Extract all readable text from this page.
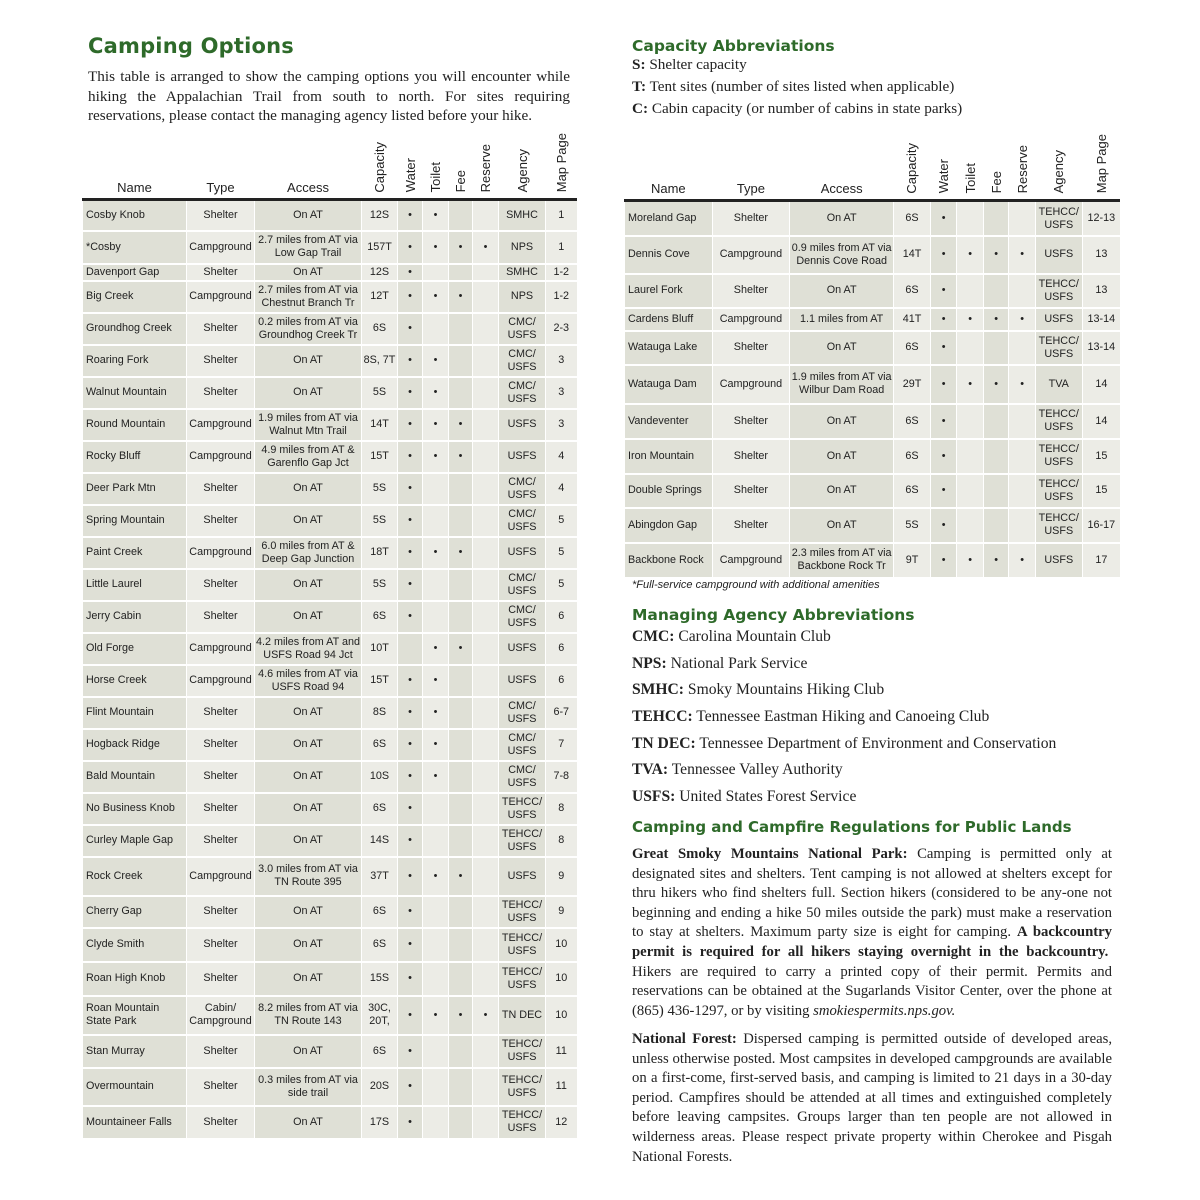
Camping Options

This table is arranged to show the camping options you will encounter while hiking the Appalachian Trail from south to north. For sites requiring reservations, please contact the managing agency listed before your hike.

Name	Type	Access	Capacity	Water	Toilet	Fee	Reserve	Agency	Map Page
Cosby Knob	Shelter	On AT	12S	•	•			SMHC	1
*Cosby	Campground	2.7 miles from AT via Low Gap Trail	157T	•	•	•	•	NPS	1
Davenport Gap	Shelter	On AT	12S	•				SMHC	1-2
Big Creek	Campground	2.7 miles from AT via Chestnut Branch Tr	12T	•	•	•		NPS	1-2
Groundhog Creek	Shelter	0.2 miles from AT via Groundhog Creek Tr	6S	•				CMC/ USFS	2-3
Roaring Fork	Shelter	On AT	8S, 7T	•	•			CMC/ USFS	3
Walnut Mountain	Shelter	On AT	5S	•	•			CMC/ USFS	3
Round Mountain	Campground	1.9 miles from AT via Walnut Mtn Trail	14T	•	•	•		USFS	3
Rocky Bluff	Campground	4.9 miles from AT & Garenflo Gap Jct	15T	•	•	•		USFS	4
Deer Park Mtn	Shelter	On AT	5S	•				CMC/ USFS	4
Spring Mountain	Shelter	On AT	5S	•				CMC/ USFS	5
Paint Creek	Campground	6.0 miles from AT & Deep Gap Junction	18T	•	•	•		USFS	5
Little Laurel	Shelter	On AT	5S	•				CMC/ USFS	5
Jerry Cabin	Shelter	On AT	6S	•				CMC/ USFS	6
Old Forge	Campground	4.2 miles from AT and USFS Road 94 Jct	10T		•	•		USFS	6
Horse Creek	Campground	4.6 miles from AT via USFS Road 94	15T	•	•			USFS	6
Flint Mountain	Shelter	On AT	8S	•	•			CMC/ USFS	6-7
Hogback Ridge	Shelter	On AT	6S	•	•			CMC/ USFS	7
Bald Mountain	Shelter	On AT	10S	•	•			CMC/ USFS	7-8
No Business Knob	Shelter	On AT	6S	•				TEHCC/ USFS	8
Curley Maple Gap	Shelter	On AT	14S	•				TEHCC/ USFS	8
Rock Creek	Campground	3.0 miles from AT via TN Route 395	37T	•	•	•		USFS	9
Cherry Gap	Shelter	On AT	6S	•				TEHCC/ USFS	9
Clyde Smith	Shelter	On AT	6S	•				TEHCC/ USFS	10
Roan High Knob	Shelter	On AT	15S	•				TEHCC/ USFS	10
Roan Mountain State Park	Cabin/ Campground	8.2 miles from AT via TN Route 143	30C, 20T,	•	•	•	•	TN DEC	10
Stan Murray	Shelter	On AT	6S	•				TEHCC/ USFS	11
Overmountain	Shelter	0.3 miles from AT via side trail	20S	•				TEHCC/ USFS	11
Mountaineer Falls	Shelter	On AT	17S	•				TEHCC/ USFS	12
Capacity Abbreviations

S: Shelter capacity

T: Tent sites (number of sites listed when applicable)

C: Cabin capacity (or number of cabins in state parks)

Name	Type	Access	Capacity	Water	Toilet	Fee	Reserve	Agency	Map Page
Moreland Gap	Shelter	On AT	6S	•				TEHCC/ USFS	12-13
Dennis Cove	Campground	0.9 miles from AT via Dennis Cove Road	14T	•	•	•	•	USFS	13
Laurel Fork	Shelter	On AT	6S	•				TEHCC/ USFS	13
Cardens Bluff	Campground	1.1 miles from AT	41T	•	•	•	•	USFS	13-14
Watauga Lake	Shelter	On AT	6S	•				TEHCC/ USFS	13-14
Watauga Dam	Campground	1.9 miles from AT via Wilbur Dam Road	29T	•	•	•	•	TVA	14
Vandeventer	Shelter	On AT	6S	•				TEHCC/ USFS	14
Iron Mountain	Shelter	On AT	6S	•				TEHCC/ USFS	15
Double Springs	Shelter	On AT	6S	•				TEHCC/ USFS	15
Abingdon Gap	Shelter	On AT	5S	•				TEHCC/ USFS	16-17
Backbone Rock	Campground	2.3 miles from AT via Backbone Rock Tr	9T	•	•	•	•	USFS	17

*Full-service campground with additional amenities

Managing Agency Abbreviations

CMC: Carolina Mountain Club

NPS: National Park Service

SMHC: Smoky Mountains Hiking Club

TEHCC: Tennessee Eastman Hiking and Canoeing Club

TN DEC: Tennessee Department of Environment and Conservation

TVA: Tennessee Valley Authority

USFS: United States Forest Service

Camping and Campfire Regulations for Public Lands

Great Smoky Mountains National Park: Camping is permitted only at designated sites and shelters. Tent camping is not allowed at shelters except for thru hikers who find shelters full. Section hikers (considered to be any-one not beginning and ending a hike 50 miles outside the park) must make a reservation to stay at shelters. Maximum party size is eight for camping. A backcountry permit is required for all hikers staying overnight in the backcountry.  Hikers are required to carry a printed copy of their permit. Permits and reservations can be obtained at the Sugarlands Visitor Center, over the phone at (865) 436-1297, or by visiting smokiespermits.nps.gov.

National Forest: Dispersed camping is permitted outside of developed areas, unless otherwise posted. Most campsites in developed campgrounds are available on a first-come, first-served basis, and camping is limited to 21 days in a 30-day period. Campfires should be attended at all times and extinguished completely before leaving campsites. Groups larger than ten people are not allowed in wilderness areas. Please respect private property within Cherokee and Pisgah National Forests.
